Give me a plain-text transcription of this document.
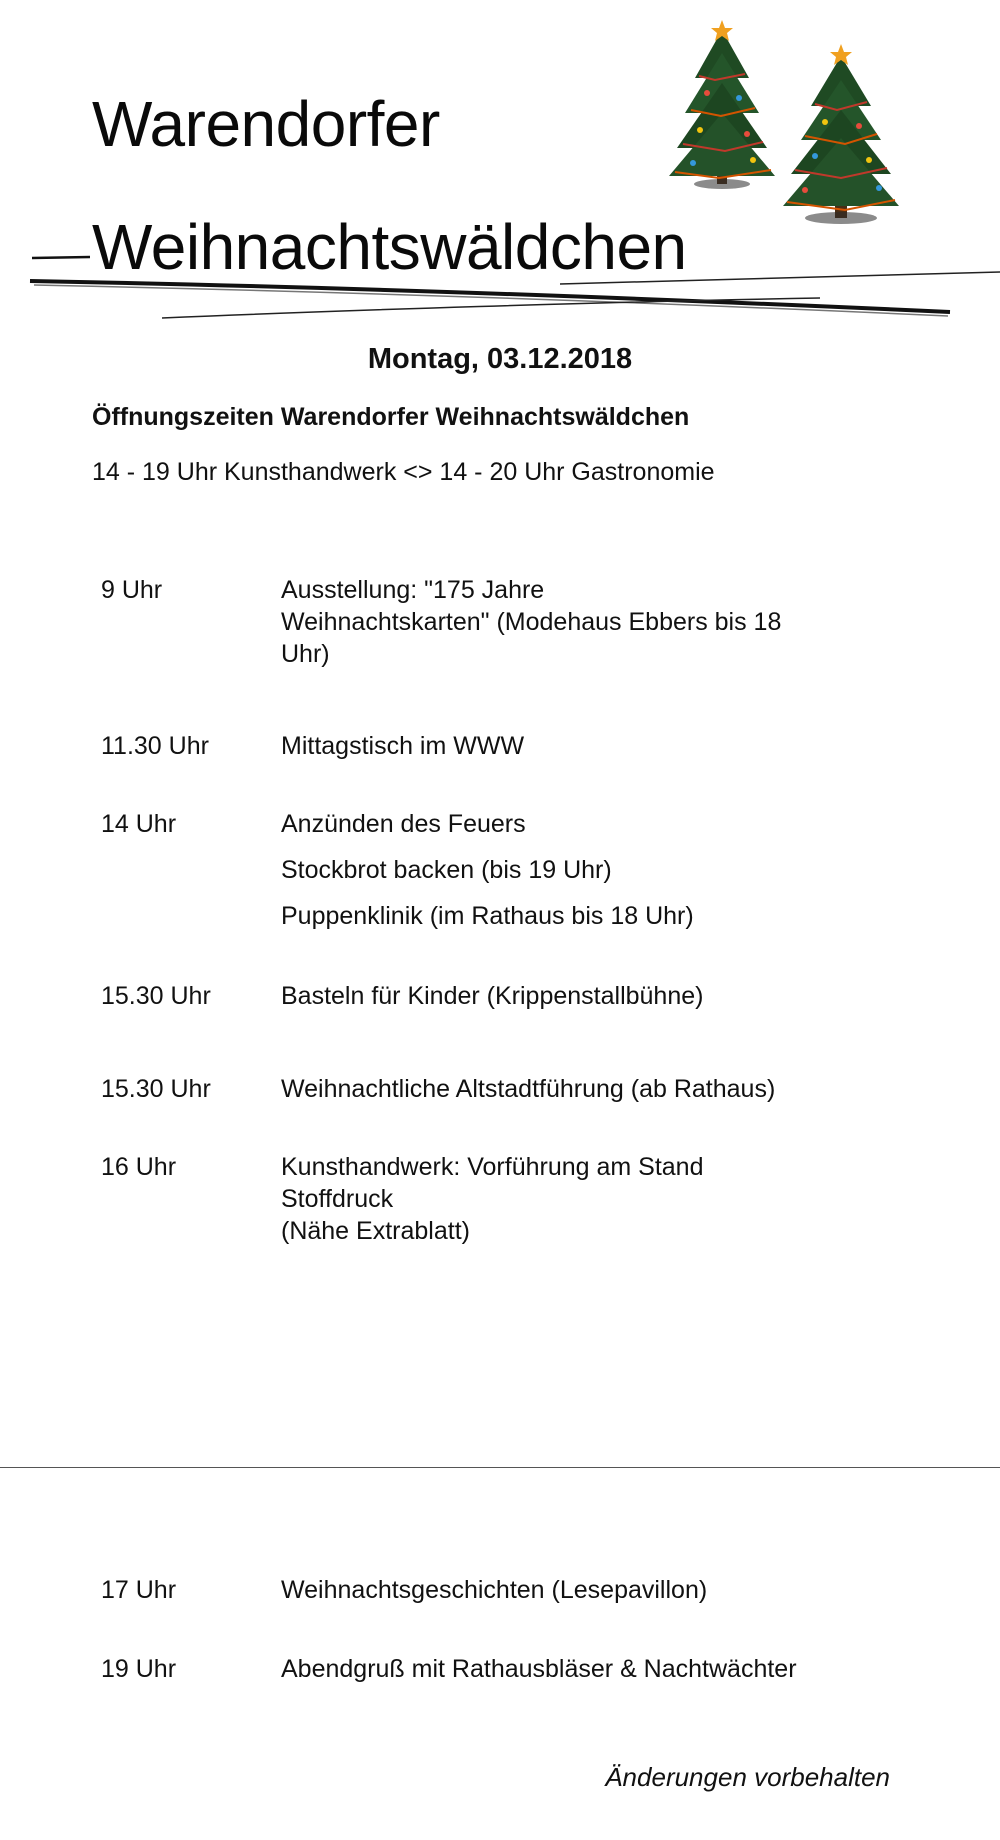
Warendorfer
Weihnachtswäldchen
Montag, 03.12.2018
Öffnungszeiten Warendorfer Weihnachtswäldchen
14 - 19 Uhr Kunsthandwerk <> 14 - 20 Uhr Gastronomie
9 Uhr	Ausstellung: "175 Jahre
Weihnachtskarten" (Modehaus Ebbers bis 18
Uhr)
11.30 Uhr	Mittagstisch im WWW
14 Uhr	Anzünden des Feuers
Stockbrot backen (bis 19 Uhr)
Puppenklinik (im Rathaus bis 18 Uhr)
15.30 Uhr	Basteln für Kinder (Krippenstallbühne)
15.30 Uhr	Weihnachtliche Altstadtführung (ab Rathaus)
16 Uhr	Kunsthandwerk: Vorführung am Stand
Stoffdruck
(Nähe Extrablatt)
17 Uhr	Weihnachtsgeschichten (Lesepavillon)
19 Uhr	Abendgruß mit Rathausbläser & Nachtwächter
Änderungen vorbehalten
